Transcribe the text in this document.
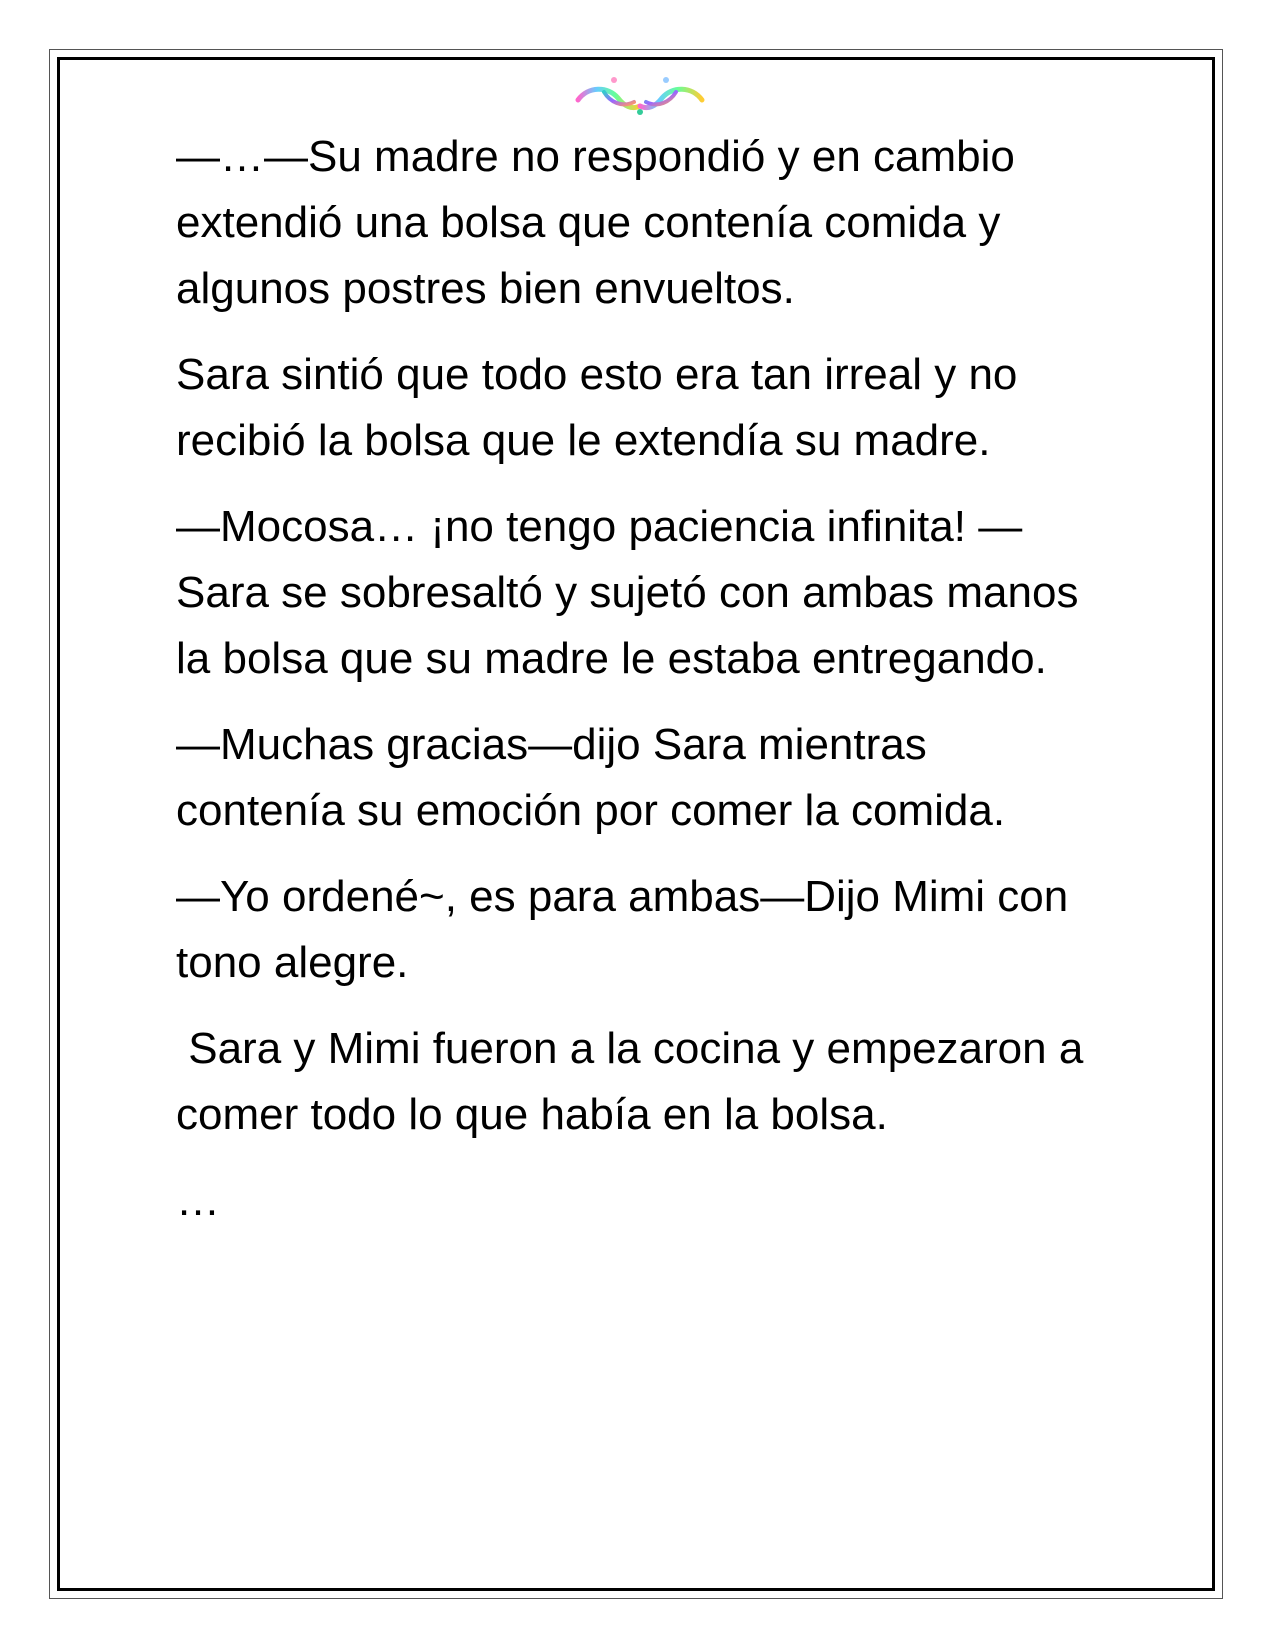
—…—Su madre no respondió y en cambio extendió una bolsa que contenía comida y algunos postres bien envueltos.

Sara sintió que todo esto era tan irreal y no recibió la bolsa que le extendía su madre.

—Mocosa… ¡no tengo paciencia infinita! —Sara se sobresaltó y sujetó con ambas manos la bolsa que su madre le estaba entregando.

—Muchas gracias—dijo Sara mientras contenía su emoción por comer la comida.

—Yo ordené~, es para ambas—Dijo Mimi con tono alegre.

Sara y Mimi fueron a la cocina y empezaron a comer todo lo que había en la bolsa.

…
